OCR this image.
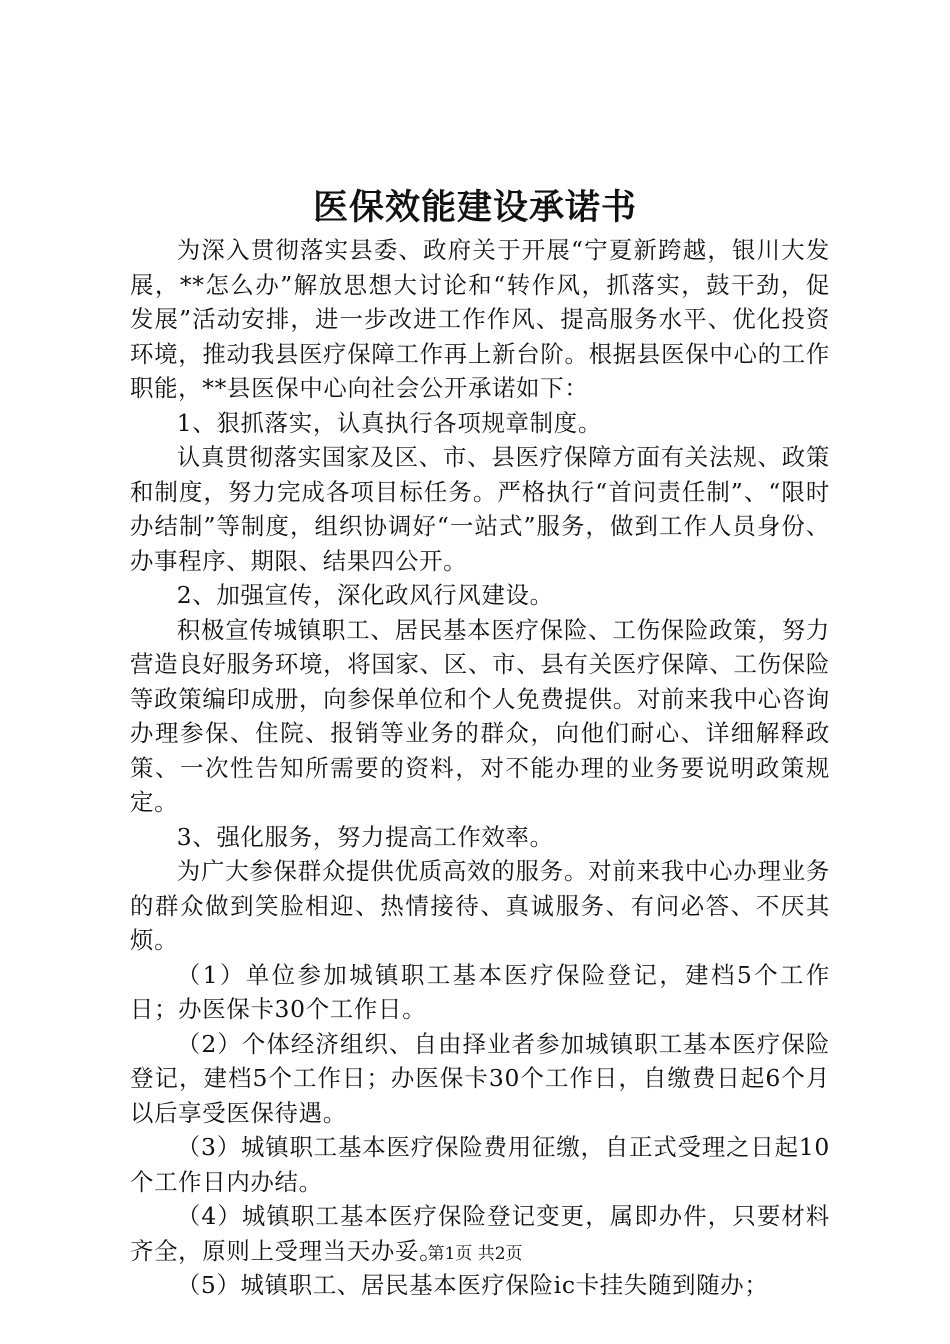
医保效能建设承诺书

为深入贯彻落实县委、政府关于开展“宁夏新跨越，银川大发展，**怎么办”解放思想大讨论和“转作风，抓落实，鼓干劲，促发展”活动安排，进一步改进工作作风、提高服务水平、优化投资环境，推动我县医疗保障工作再上新台阶。根据县医保中心的工作职能，**县医保中心向社会公开承诺如下：

1、狠抓落实，认真执行各项规章制度。

认真贯彻落实国家及区、市、县医疗保障方面有关法规、政策和制度，努力完成各项目标任务。严格执行“首问责任制”、“限时办结制”等制度，组织协调好“一站式”服务，做到工作人员身份、办事程序、期限、结果四公开。

2、加强宣传，深化政风行风建设。

积极宣传城镇职工、居民基本医疗保险、工伤保险政策，努力营造良好服务环境，将国家、区、市、县有关医疗保障、工伤保险等政策编印成册，向参保单位和个人免费提供。对前来我中心咨询办理参保、住院、报销等业务的群众，向他们耐心、详细解释政策、一次性告知所需要的资料，对不能办理的业务要说明政策规定。

3、强化服务，努力提高工作效率。

为广大参保群众提供优质高效的服务。对前来我中心办理业务的群众做到笑脸相迎、热情接待、真诚服务、有问必答、不厌其烦。

（1）单位参加城镇职工基本医疗保险登记，建档5个工作日；办医保卡30个工作日。

（2）个体经济组织、自由择业者参加城镇职工基本医疗保险登记，建档5个工作日；办医保卡30个工作日，自缴费日起6个月以后享受医保待遇。

（3）城镇职工基本医疗保险费用征缴，自正式受理之日起10个工作日内办结。

（4）城镇职工基本医疗保险登记变更，属即办件，只要材料齐全，原则上受理当天办妥。

（5）城镇职工、居民基本医疗保险ic卡挂失随到随办；

第1页 共2页
